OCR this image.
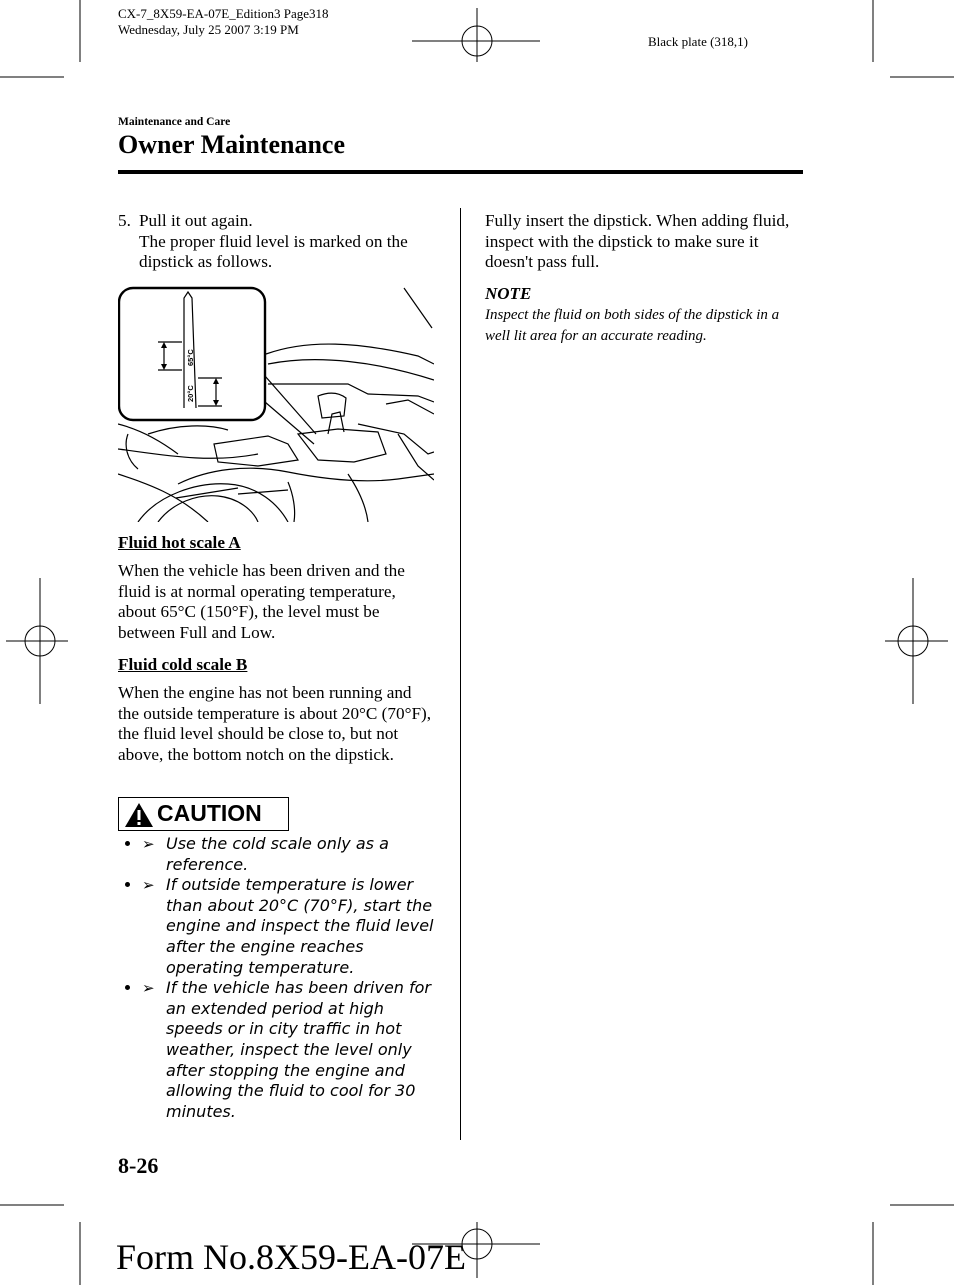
CX-7_8X59-EA-07E_Edition3 Page318
Wednesday, July 25 2007 3:19 PM
Black plate (318,1)
Maintenance and Care
Owner Maintenance
5. Pull it out again.
The proper fluid level is marked on the dipstick as follows.
65°C
20°C
Fluid hot scale A
When the vehicle has been driven and the fluid is at normal operating temperature, about 65°C (150°F), the level must be between Full and Low.
Fluid cold scale B
When the engine has not been running and the outside temperature is about 20°C (70°F), the fluid level should be close to, but not above, the bottom notch on the dipstick.
CAUTION
• ➢ Use the cold scale only as a reference.
• ➢ If outside temperature is lower than about 20°C (70°F), start the engine and inspect the fluid level after the engine reaches operating temperature.
• ➢ If the vehicle has been driven for an extended period at high speeds or in city traffic in hot weather, inspect the level only after stopping the engine and allowing the fluid to cool for 30 minutes.
Fully insert the dipstick. When adding fluid, inspect with the dipstick to make sure it doesn't pass full.
NOTE
Inspect the fluid on both sides of the dipstick in a well lit area for an accurate reading.
8-26
Form No.8X59-EA-07E
